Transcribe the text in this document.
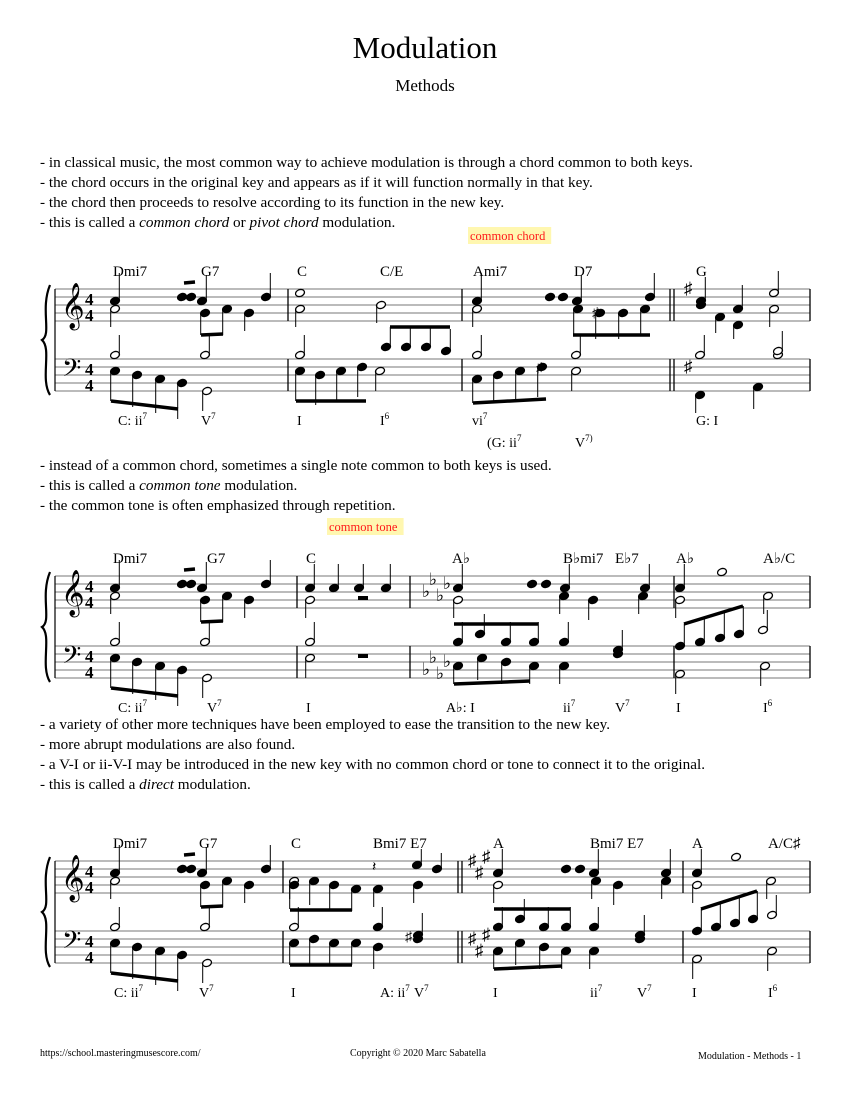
Modulation
Methods
- in classical music, the most common way to achieve modulation is through a chord common to both keys.
- the chord occurs in the original key and appears as if it will function normally in that key.
- the chord then proceeds to resolve according to its function in the new key.
- this is called a common chord or pivot chord modulation.
𝄞
𝄢
4
4
4
4
♯
♯
common chord
Dmi7	G7	C	C/E	Ami7	D7	G
C: $ii^7$	$V^7$	I	$I^6$	$vi^7$
(G: $ii^7$	$V^{7)}$
G: I
♯
♯
- instead of a common chord, sometimes a single note common to both keys is used.
- this is called a common tone modulation.
- the common tone is often emphasized through repetition.
𝄞
𝄢
4
4
4
4
♭
♭
♭
♭
♭
♭
♭
♭
common tone
Dmi7	G7	C	A♭	B♭mi7 E♭7 A♭	A♭/C
C: $ii^7$	$V^7$	I	A♭: I	$ii^7$	$V^7$	I	$I^6$
- a variety of other more techniques have been employed to ease the transition to the new key.
- more abrupt modulations are also found.
- a V-I or ii-V-I may be introduced in the new key with no common chord or tone to connect it to the original.
- this is called a direct modulation.
𝄞
𝄢
4
4
4
4
♯
♯
♯
♯
♯
♯
Dmi7	G7	C	Bmi7 E7	A	Bmi7 E7	A	A/C♯
C: $ii^7$	$V^7$	I	A: $ii^7$ $V^7$	I	$ii^7$ $V^7$	I	$I^6$
♯
𝄽
https://school.masteringmusescore.com/	Copyright © 2020 Marc Sabatella	Modulation - Methods - 1
